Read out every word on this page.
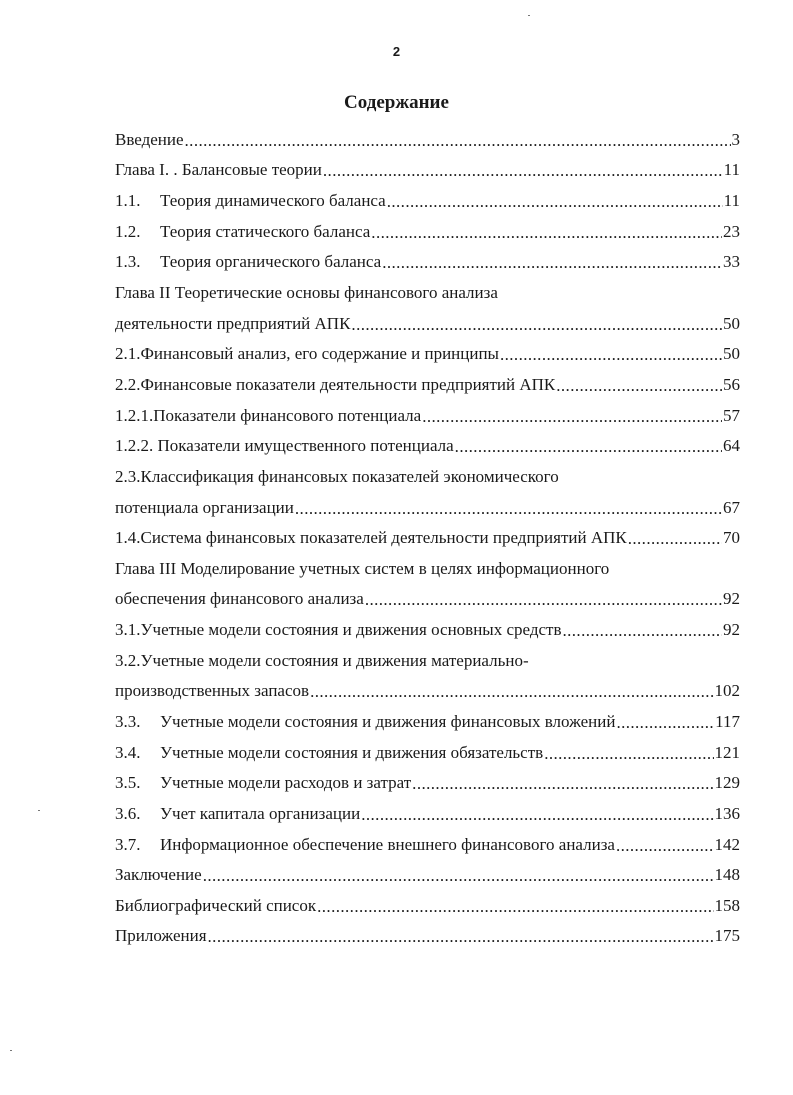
2
Содержание
Введение .....	3
Глава I. . Балансовые теории .....	11
1.1.	Теория динамического баланса .....	11
1.2.	Теория статического баланса .....	23
1.3.	Теория органического баланса .....	33
Глава II Теоретические основы финансового анализа
деятельности предприятий АПК .....	50
2.1.Финансовый анализ, его содержание и принципы .....	50
2.2.Финансовые показатели деятельности предприятий АПК .....	56
1.2.1.Показатели финансового потенциала .....	57
1.2.2. Показатели имущественного потенциала .....	64
2.3.Классификация финансовых показателей экономического
потенциала организации .....	67
1.4.Система финансовых показателей деятельности предприятий АПК .....	70
Глава III Моделирование учетных систем в целях информационного
обеспечения финансового анализа .....	92
3.1.Учетные модели состояния и движения основных средств .....	92
3.2.Учетные модели состояния и движения материально-
производственных запасов .....	102
3.3.	Учетные модели состояния и движения финансовых вложений .....	117
3.4.	Учетные модели состояния и движения обязательств .....	121
3.5.	Учетные модели расходов и затрат .....	129
3.6.	Учет капитала организации .....	136
3.7.	Информационное обеспечение внешнего финансового анализа .....	142
Заключение .....	148
Библиографический список .....	158
Приложения .....	175
